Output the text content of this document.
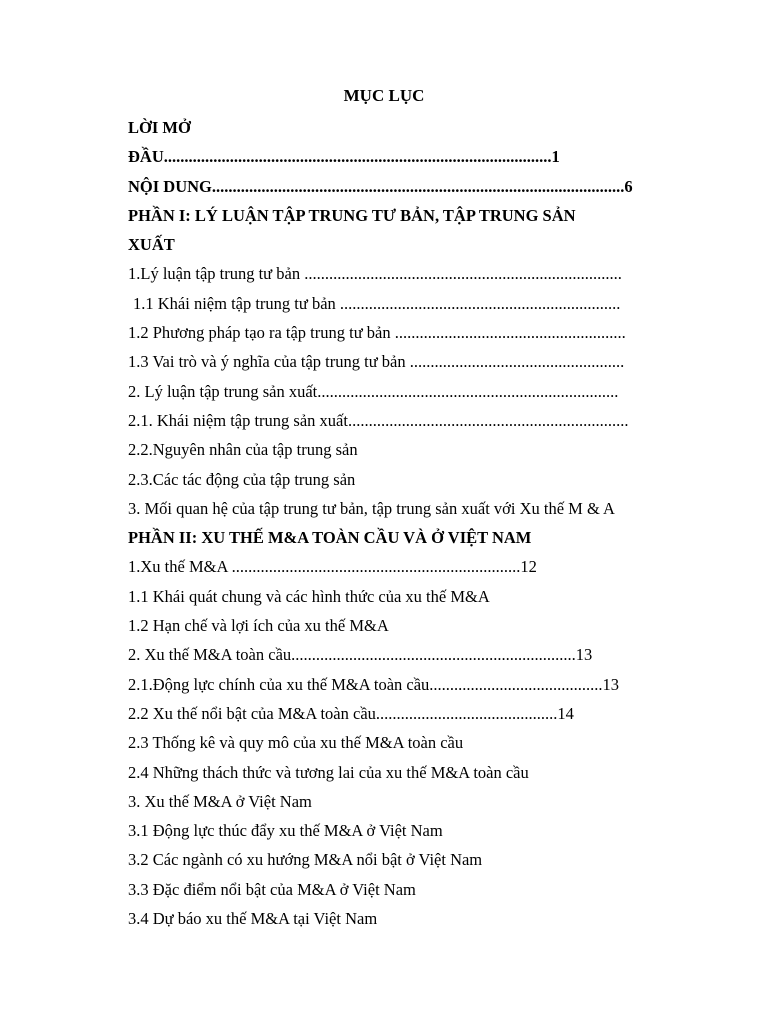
MỤC LỤC
LỜI MỞ
ĐẦU..............................................................................................1
NỘI DUNG....................................................................................................6
PHẦN I: LÝ LUẬN TẬP TRUNG TƯ BẢN, TẬP TRUNG SẢN
XUẤT
1.Lý luận tập trung tư bản .............................................................................
1.1 Khái niệm tập trung tư bản ....................................................................
1.2 Phương pháp tạo ra tập trung tư bản ........................................................
1.3 Vai trò và ý nghĩa của tập trung tư bản ....................................................
2. Lý luận tập trung sản xuất.........................................................................
2.1. Khái niệm tập trung sản xuất....................................................................
2.2.Nguyên nhân của tập trung sản
2.3.Các tác động của tập trung sản
3. Mối quan hệ của tập trung tư bản, tập trung sản xuất với Xu thế M & A
PHẦN II: XU THẾ M&A TOÀN CẦU VÀ Ở VIỆT NAM
1.Xu thế M&A ......................................................................12
1.1 Khái quát chung và các hình thức của xu thế M&A
1.2 Hạn chế và lợi ích của xu thế M&A
2. Xu thế M&A toàn cầu.....................................................................13
2.1.Động lực chính của xu thế M&A toàn cầu..........................................13
2.2 Xu thế nổi bật của M&A toàn cầu............................................14
2.3 Thống kê và quy mô của xu thế M&A toàn cầu
2.4 Những thách thức và tương lai của xu thế M&A toàn cầu
3. Xu thế M&A ở Việt Nam
3.1 Động lực thúc đẩy xu thế M&A ở Việt Nam
3.2 Các ngành có xu hướng M&A nổi bật ở Việt Nam
3.3 Đặc điểm nổi bật của M&A ở Việt Nam
3.4 Dự báo xu thế M&A tại Việt Nam
